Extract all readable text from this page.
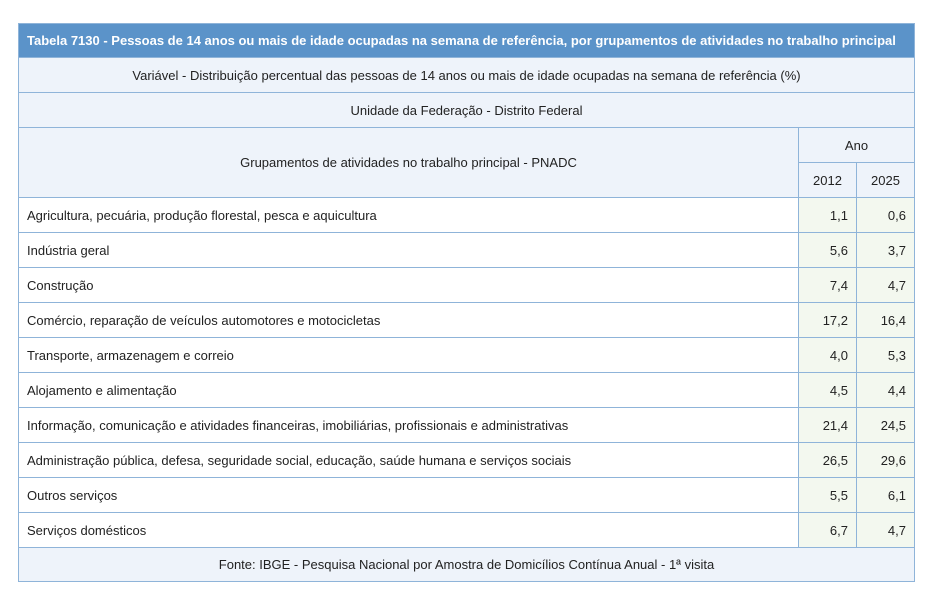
Tabela 7130 - Pessoas de 14 anos ou mais de idade ocupadas na semana de referência, por grupamentos de atividades no trabalho principal		
Variável - Distribuição percentual das pessoas de 14 anos ou mais de idade ocupadas na semana de referência (%)		
Unidade da Federação - Distrito Federal		
Grupamentos de atividades no trabalho principal - PNADC	Ano	
	2012	2025
Agricultura, pecuária, produção florestal, pesca e aquicultura	1,1	0,6
Indústria geral	5,6	3,7
Construção	7,4	4,7
Comércio, reparação de veículos automotores e motocicletas	17,2	16,4
Transporte, armazenagem e correio	4,0	5,3
Alojamento e alimentação	4,5	4,4
Informação, comunicação e atividades financeiras, imobiliárias, profissionais e administrativas	21,4	24,5
Administração pública, defesa, seguridade social, educação, saúde humana e serviços sociais	26,5	29,6
Outros serviços	5,5	6,1
Serviços domésticos	6,7	4,7
Fonte: IBGE - Pesquisa Nacional por Amostra de Domicílios Contínua Anual - 1ª visita		
